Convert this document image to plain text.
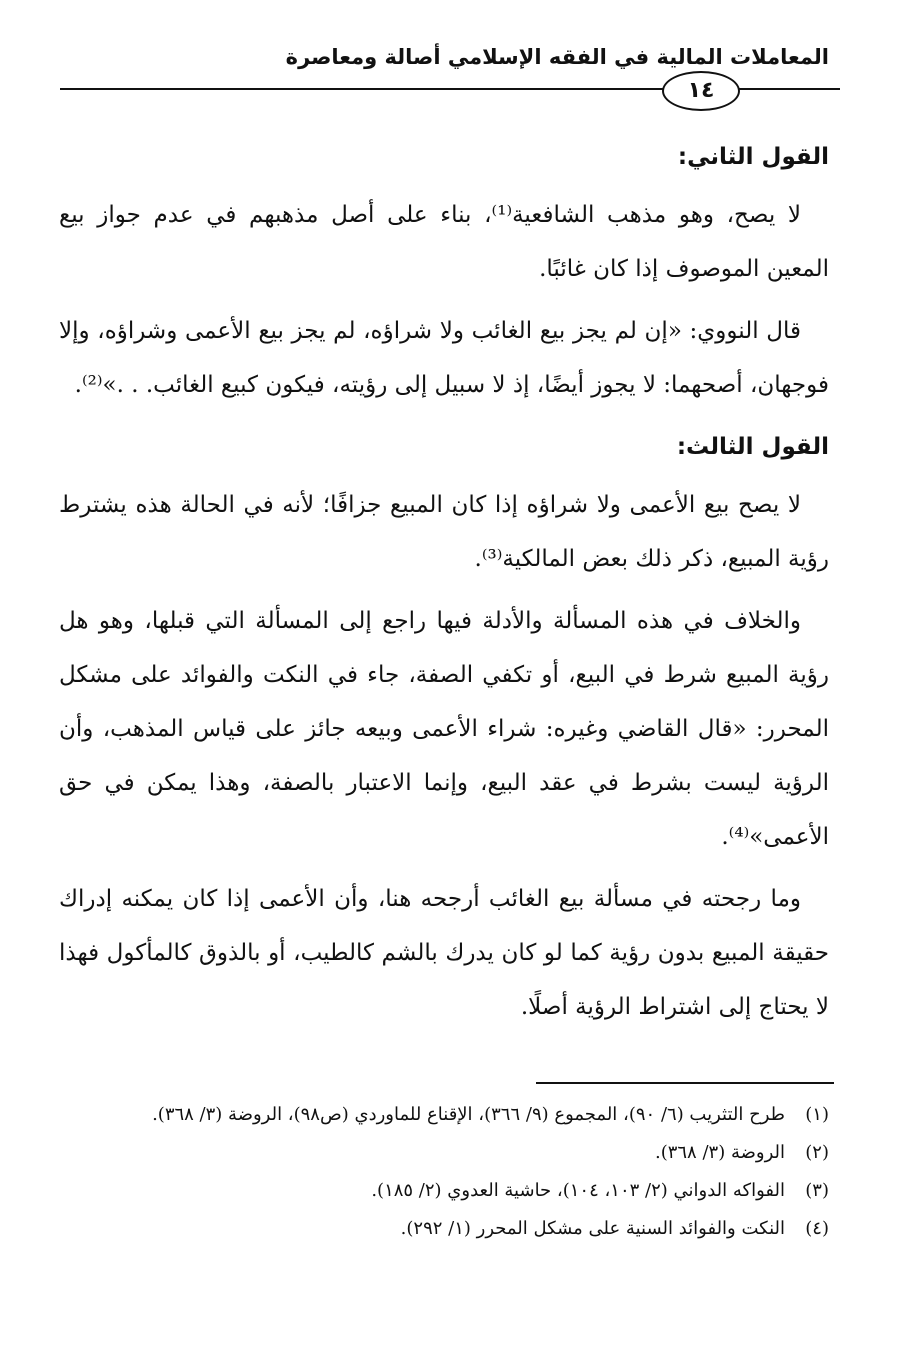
المعاملات المالية في الفقه الإسلامي أصالة ومعاصرة
١٤
القول الثاني:

لا يصح، وهو مذهب الشافعية⁽¹⁾، بناء على أصل مذهبهم في عدم جواز بيع المعين الموصوف إذا كان غائبًا.

قال النووي: «إن لم يجز بيع الغائب ولا شراؤه، لم يجز بيع الأعمى وشراؤه، وإلا فوجهان، أصحهما: لا يجوز أيضًا، إذ لا سبيل إلى رؤيته، فيكون كبيع الغائب. . .»⁽²⁾.

القول الثالث:

لا يصح بيع الأعمى ولا شراؤه إذا كان المبيع جزافًا؛ لأنه في الحالة هذه يشترط رؤية المبيع، ذكر ذلك بعض المالكية⁽³⁾.

والخلاف في هذه المسألة والأدلة فيها راجع إلى المسألة التي قبلها، وهو هل رؤية المبيع شرط في البيع، أو تكفي الصفة، جاء في النكت والفوائد على مشكل المحرر: «قال القاضي وغيره: شراء الأعمى وبيعه جائز على قياس المذهب، وأن الرؤية ليست بشرط في عقد البيع، وإنما الاعتبار بالصفة، وهذا يمكن في حق الأعمى»⁽⁴⁾.

وما رجحته في مسألة بيع الغائب أرجحه هنا، وأن الأعمى إذا كان يمكنه إدراك حقيقة المبيع بدون رؤية كما لو كان يدرك بالشم كالطيب، أو بالذوق كالمأكول فهذا لا يحتاج إلى اشتراط الرؤية أصلًا.

(١)
طرح التثريب (٦/ ٩٠)، المجموع (٩/ ٣٦٦)، الإقناع للماوردي (ص٩٨)، الروضة (٣/ ٣٦٨).
(٢)
الروضة (٣/ ٣٦٨).
(٣)
الفواكه الدواني (٢/ ١٠٣، ١٠٤)، حاشية العدوي (٢/ ١٨٥).
(٤)
النكت والفوائد السنية على مشكل المحرر (١/ ٢٩٢).
